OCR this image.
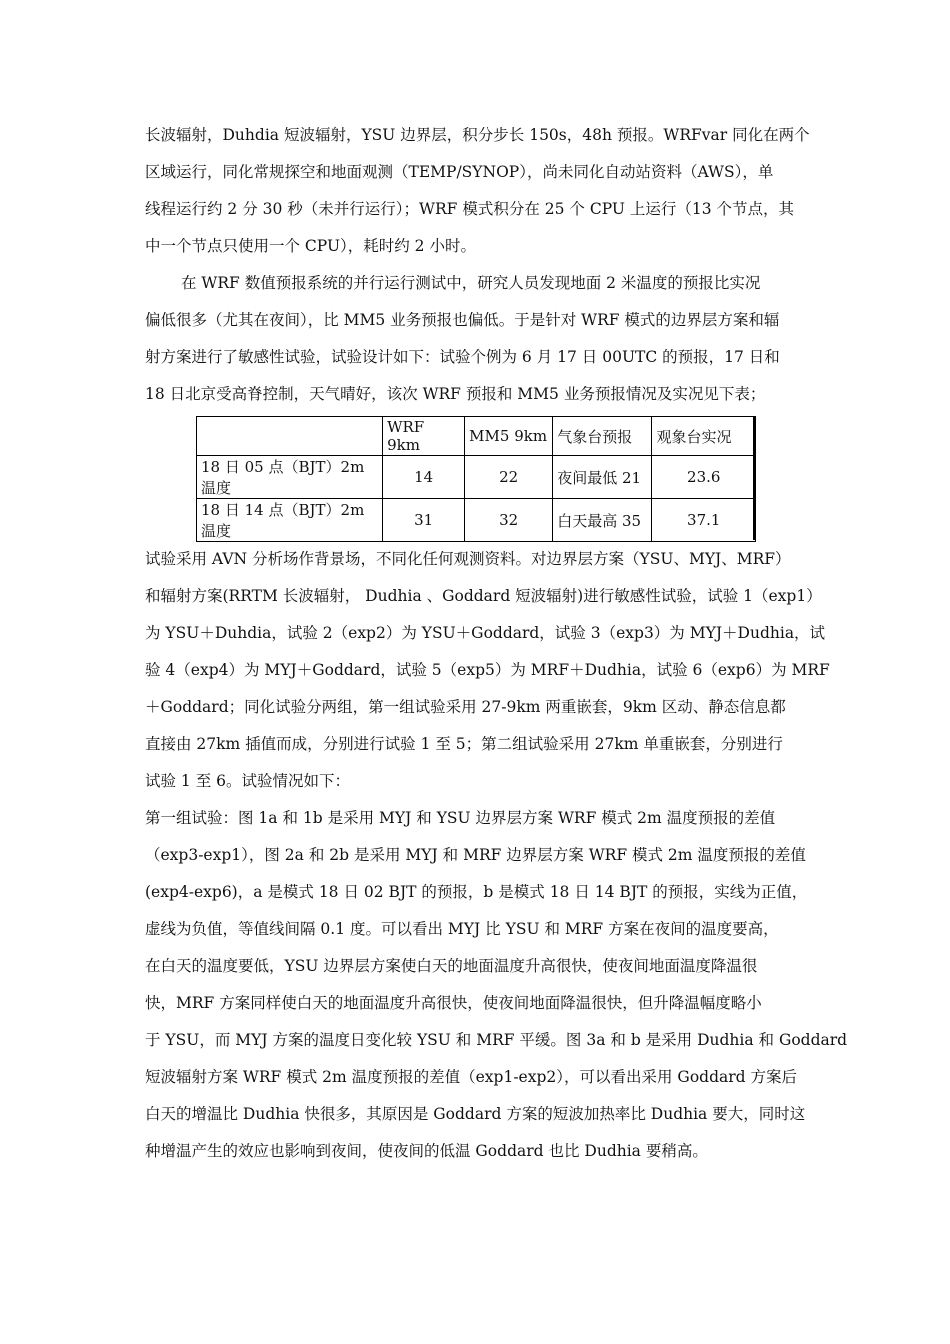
长波辐射，Duhdia 短波辐射，YSU 边界层，积分步长 150s，48h 预报。WRFvar 同化在两个
区域运行，同化常规探空和地面观测（TEMP/SYNOP），尚未同化自动站资料（AWS），单
线程运行约 2 分 30 秒（未并行运行）；WRF 模式积分在 25 个 CPU 上运行（13 个节点，其
中一个节点只使用一个 CPU），耗时约 2 小时。
在 WRF 数值预报系统的并行运行测试中，研究人员发现地面 2 米温度的预报比实况
偏低很多（尤其在夜间），比 MM5 业务预报也偏低。于是针对 WRF 模式的边界层方案和辐
射方案进行了敏感性试验，试验设计如下：试验个例为 6 月 17 日 00UTC 的预报，17 日和
18 日北京受高脊控制，天气晴好，该次 WRF 预报和 MM5 业务预报情况及实况见下表；
	WRF 9km	MM5 9km	气象台预报	观象台实况
18 日 05 点（BJT）2m 温度	14	22	夜间最低 21	23.6
18 日 14 点（BJT）2m 温度	31	32	白天最高 35	37.1
试验采用 AVN 分析场作背景场，不同化任何观测资料。对边界层方案（YSU、MYJ、MRF）
和辐射方案(RRTM 长波辐射， Dudhia 、Goddard 短波辐射)进行敏感性试验，试验 1（exp1）
为 YSU＋Duhdia，试验 2（exp2）为 YSU＋Goddard，试验 3（exp3）为 MYJ＋Dudhia，试
验 4（exp4）为 MYJ＋Goddard，试验 5（exp5）为 MRF＋Dudhia，试验 6（exp6）为 MRF
＋Goddard；同化试验分两组，第一组试验采用 27-9km 两重嵌套，9km 区动、静态信息都
直接由 27km 插值而成，分别进行试验 1 至 5；第二组试验采用 27km 单重嵌套，分别进行
试验 1 至 6。试验情况如下：
第一组试验：图 1a 和 1b 是采用 MYJ 和 YSU 边界层方案 WRF 模式 2m 温度预报的差值
（exp3-exp1），图 2a 和 2b 是采用 MYJ 和 MRF 边界层方案 WRF 模式 2m 温度预报的差值
(exp4-exp6)，a 是模式 18 日 02 BJT 的预报，b 是模式 18 日 14 BJT 的预报，实线为正值，
虚线为负值，等值线间隔 0.1 度。可以看出 MYJ 比 YSU 和 MRF 方案在夜间的温度要高，
在白天的温度要低，YSU 边界层方案使白天的地面温度升高很快，使夜间地面温度降温很
快，MRF 方案同样使白天的地面温度升高很快，使夜间地面降温很快，但升降温幅度略小
于 YSU，而 MYJ 方案的温度日变化较 YSU 和 MRF 平缓。图 3a 和 b 是采用 Dudhia 和 Goddard
短波辐射方案 WRF 模式 2m 温度预报的差值（exp1-exp2），可以看出采用 Goddard 方案后
白天的增温比 Dudhia 快很多，其原因是 Goddard 方案的短波加热率比 Dudhia 要大，同时这
种增温产生的效应也影响到夜间，使夜间的低温 Goddard 也比 Dudhia 要稍高。
